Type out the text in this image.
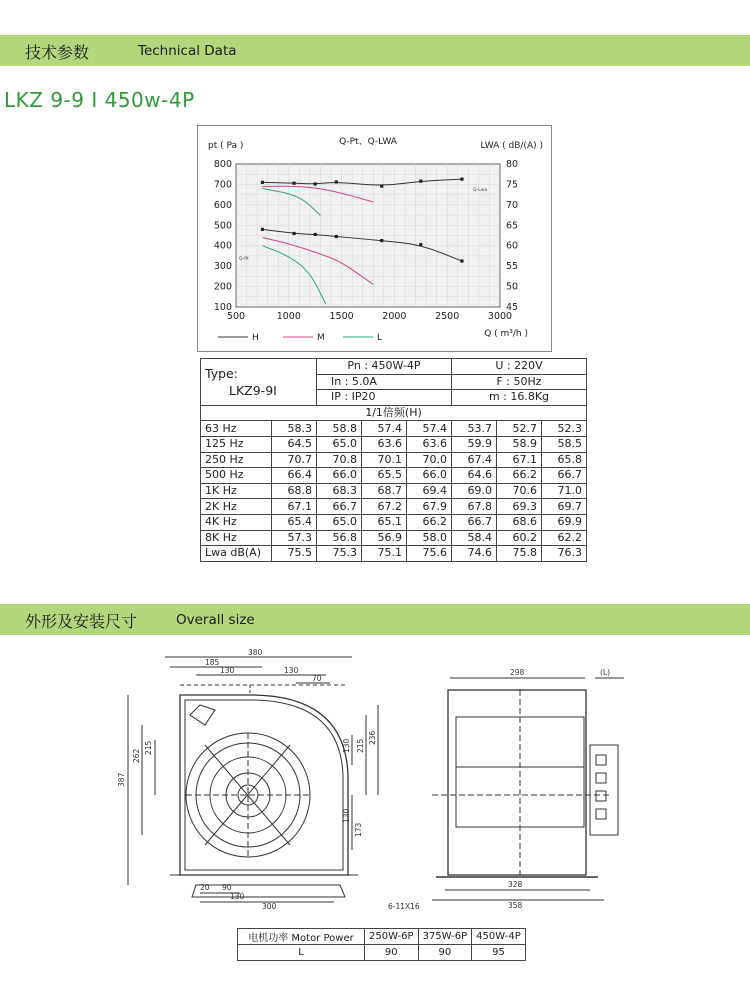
技术参数	Technical Data
LKZ 9-9 I 450w-4P
500	1000	1500	2000	2500	3000
800
700
600
500
400
300
200
100
80
75
70
65
60
55
50
45
pt ( Pa )	Q-Pt、Q-LWA	LWA ( dB/(A) )
Q ( m³/h )
Q-Lwa
Q-Pt
H	M	L
Type:
LKZ9-9I		Pn : 450W-4P			U : 220V		
		In : 5.0A			F : 50Hz		
		IP : IP20			m : 16.8Kg		
1/1倍频(H)							
63 Hz	58.3	58.8	57.4	57.4	53.7	52.7	52.3
125 Hz	64.5	65.0	63.6	63.6	59.9	58.9	58.5
250 Hz	70.7	70.8	70.1	70.0	67.4	67.1	65.8
500 Hz	66.4	66.0	65.5	66.0	64.6	66.2	66.7
1K Hz	68.8	68.3	68.7	69.4	69.0	70.6	71.0
2K Hz	67.1	66.7	67.2	67.9	67.8	69.3	69.7
4K Hz	65.4	65.0	65.1	66.2	66.7	68.6	69.9
8K Hz	57.3	56.8	56.9	58.0	58.4	60.2	62.2
Lwa dB(A)	75.5	75.3	75.1	75.6	74.6	75.8	76.3
外形及安装尺寸	Overall size
380
185
130	130
70
262
215
387
215
236
130
173
130
20 90
130
300
298	(L)
328
358
6-11X16
电机功率 Motor Power	250W-6P	375W-6P	450W-4P
L	90	90	95
